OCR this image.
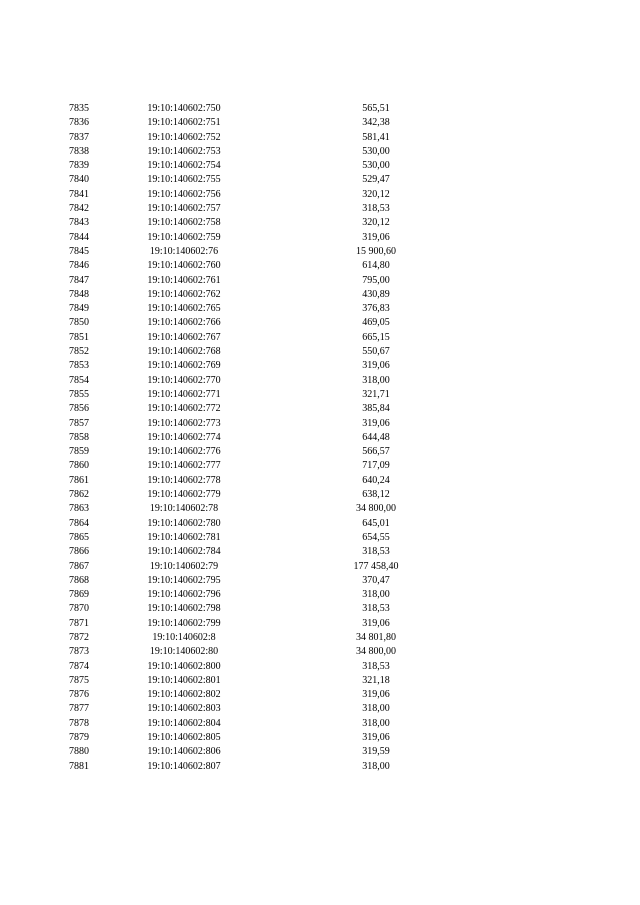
7835	19:10:140602:750	565,51
7836	19:10:140602:751	342,38
7837	19:10:140602:752	581,41
7838	19:10:140602:753	530,00
7839	19:10:140602:754	530,00
7840	19:10:140602:755	529,47
7841	19:10:140602:756	320,12
7842	19:10:140602:757	318,53
7843	19:10:140602:758	320,12
7844	19:10:140602:759	319,06
7845	19:10:140602:76	15 900,60
7846	19:10:140602:760	614,80
7847	19:10:140602:761	795,00
7848	19:10:140602:762	430,89
7849	19:10:140602:765	376,83
7850	19:10:140602:766	469,05
7851	19:10:140602:767	665,15
7852	19:10:140602:768	550,67
7853	19:10:140602:769	319,06
7854	19:10:140602:770	318,00
7855	19:10:140602:771	321,71
7856	19:10:140602:772	385,84
7857	19:10:140602:773	319,06
7858	19:10:140602:774	644,48
7859	19:10:140602:776	566,57
7860	19:10:140602:777	717,09
7861	19:10:140602:778	640,24
7862	19:10:140602:779	638,12
7863	19:10:140602:78	34 800,00
7864	19:10:140602:780	645,01
7865	19:10:140602:781	654,55
7866	19:10:140602:784	318,53
7867	19:10:140602:79	177 458,40
7868	19:10:140602:795	370,47
7869	19:10:140602:796	318,00
7870	19:10:140602:798	318,53
7871	19:10:140602:799	319,06
7872	19:10:140602:8	34 801,80
7873	19:10:140602:80	34 800,00
7874	19:10:140602:800	318,53
7875	19:10:140602:801	321,18
7876	19:10:140602:802	319,06
7877	19:10:140602:803	318,00
7878	19:10:140602:804	318,00
7879	19:10:140602:805	319,06
7880	19:10:140602:806	319,59
7881	19:10:140602:807	318,00
